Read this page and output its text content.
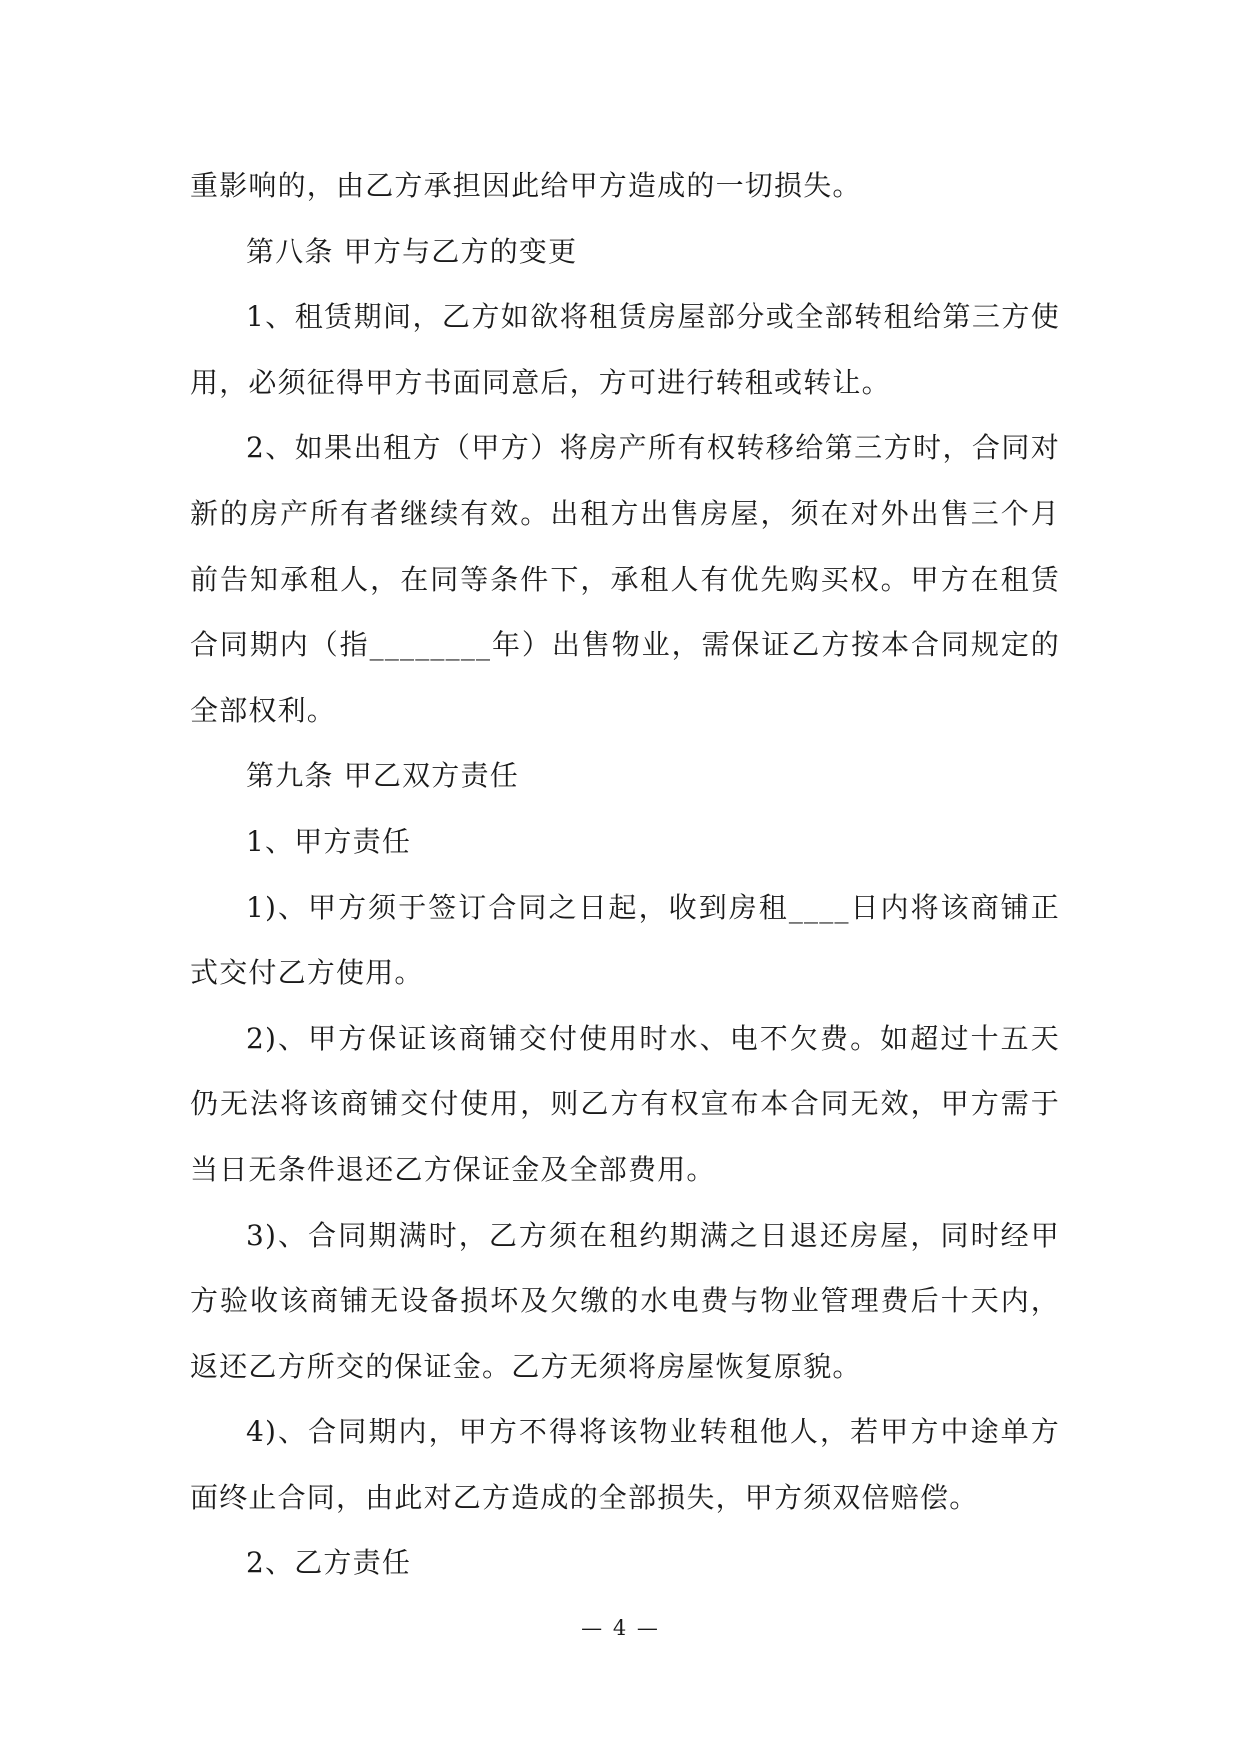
重影响的，由乙方承担因此给甲方造成的一切损失。

第八条 甲方与乙方的变更

1、租赁期间，乙方如欲将租赁房屋部分或全部转租给第三方使用，必须征得甲方书面同意后，方可进行转租或转让。

2、如果出租方（甲方）将房产所有权转移给第三方时，合同对新的房产所有者继续有效。出租方出售房屋，须在对外出售三个月前告知承租人，在同等条件下，承租人有优先购买权。甲方在租赁合同期内（指________年）出售物业，需保证乙方按本合同规定的全部权利。

第九条 甲乙双方责任

1、甲方责任

1)、甲方须于签订合同之日起，收到房租____日内将该商铺正式交付乙方使用。

2)、甲方保证该商铺交付使用时水、电不欠费。如超过十五天仍无法将该商铺交付使用，则乙方有权宣布本合同无效，甲方需于当日无条件退还乙方保证金及全部费用。

3)、合同期满时，乙方须在租约期满之日退还房屋，同时经甲方验收该商铺无设备损坏及欠缴的水电费与物业管理费后十天内，返还乙方所交的保证金。乙方无须将房屋恢复原貌。

4)、合同期内，甲方不得将该物业转租他人，若甲方中途单方面终止合同，由此对乙方造成的全部损失，甲方须双倍赔偿。

2、乙方责任

— 4 —
